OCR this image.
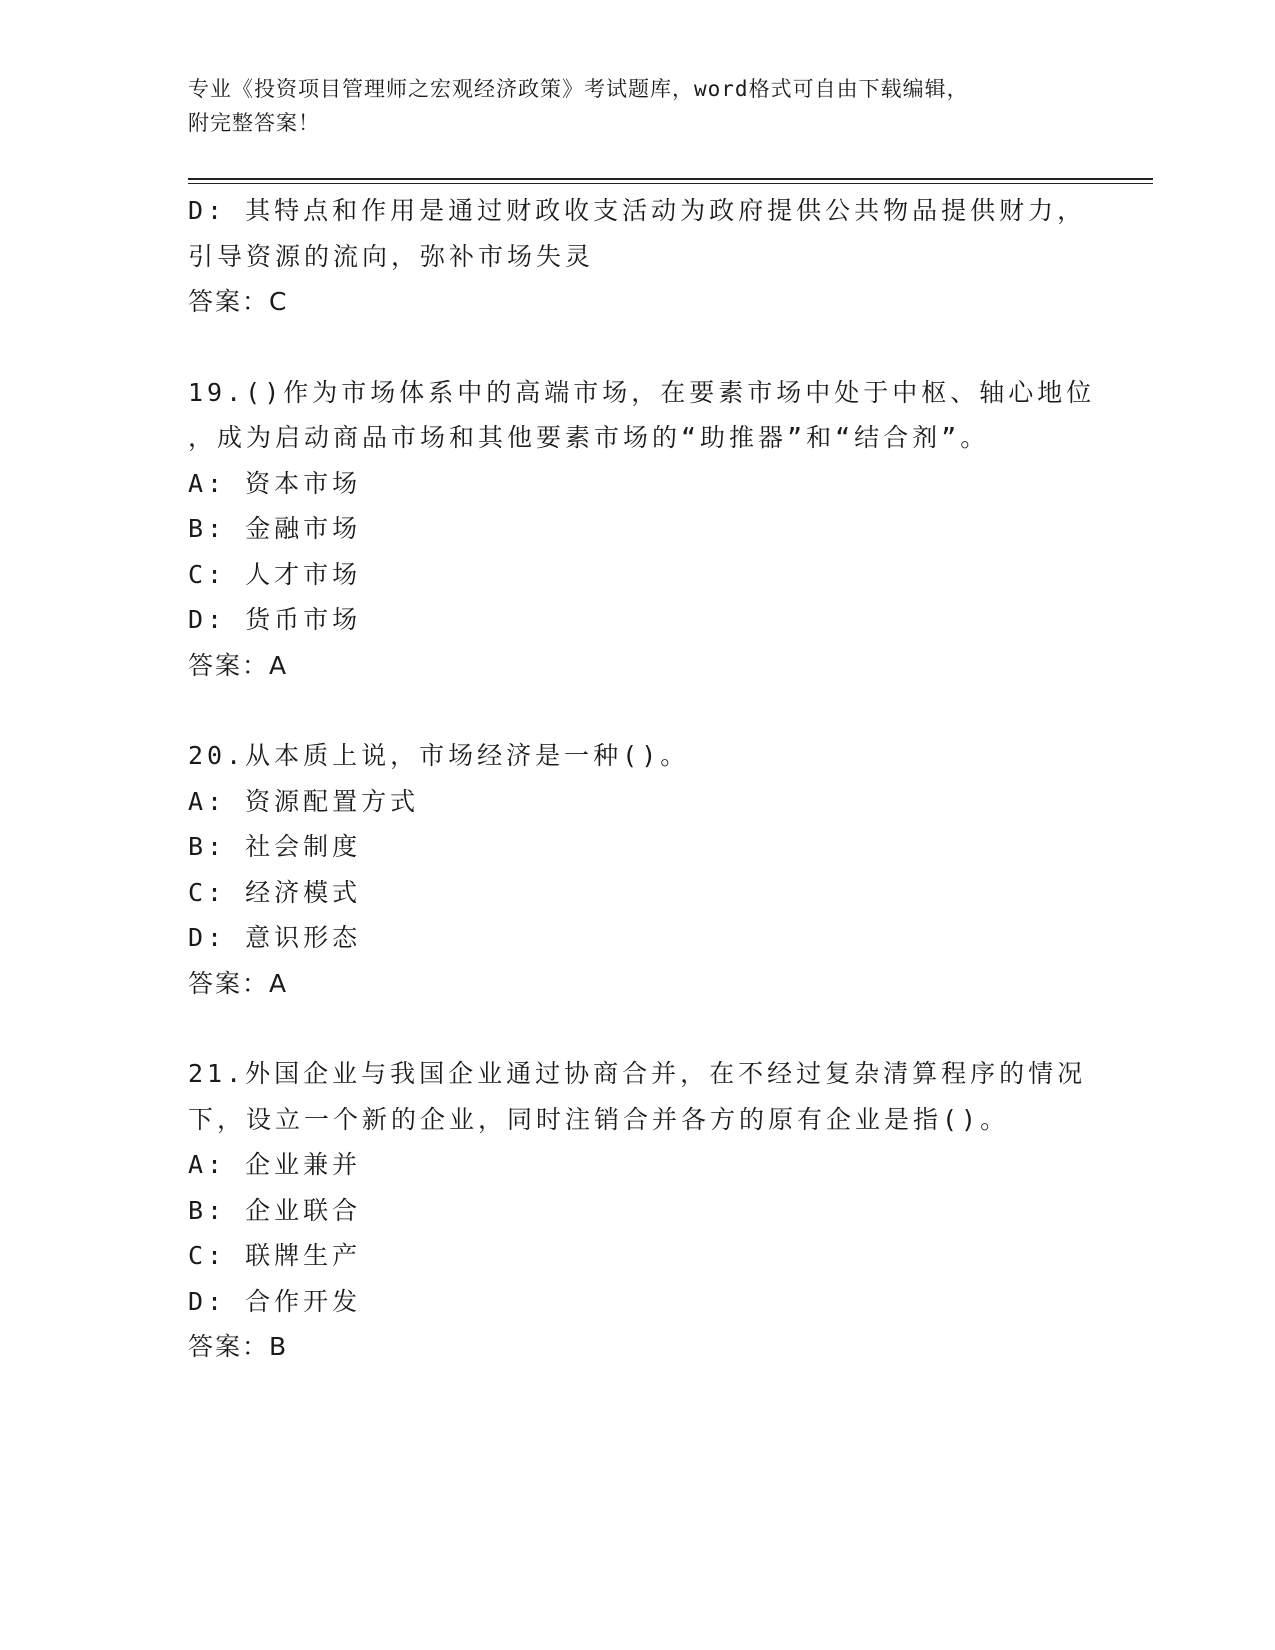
专业《投资项目管理师之宏观经济政策》考试题库，word格式可自由下载编辑，
附完整答案！
D: 其特点和作用是通过财政收支活动为政府提供公共物品提供财力，
引导资源的流向，弥补市场失灵
答案：C
19.()作为市场体系中的高端市场，在要素市场中处于中枢、轴心地位
，成为启动商品市场和其他要素市场的“助推器”和“结合剂”。
A: 资本市场
B: 金融市场
C: 人才市场
D: 货币市场
答案：A
20.从本质上说，市场经济是一种()。
A: 资源配置方式
B: 社会制度
C: 经济模式
D: 意识形态
答案：A
21.外国企业与我国企业通过协商合并，在不经过复杂清算程序的情况
下，设立一个新的企业，同时注销合并各方的原有企业是指()。
A: 企业兼并
B: 企业联合
C: 联牌生产
D: 合作开发
答案：B
